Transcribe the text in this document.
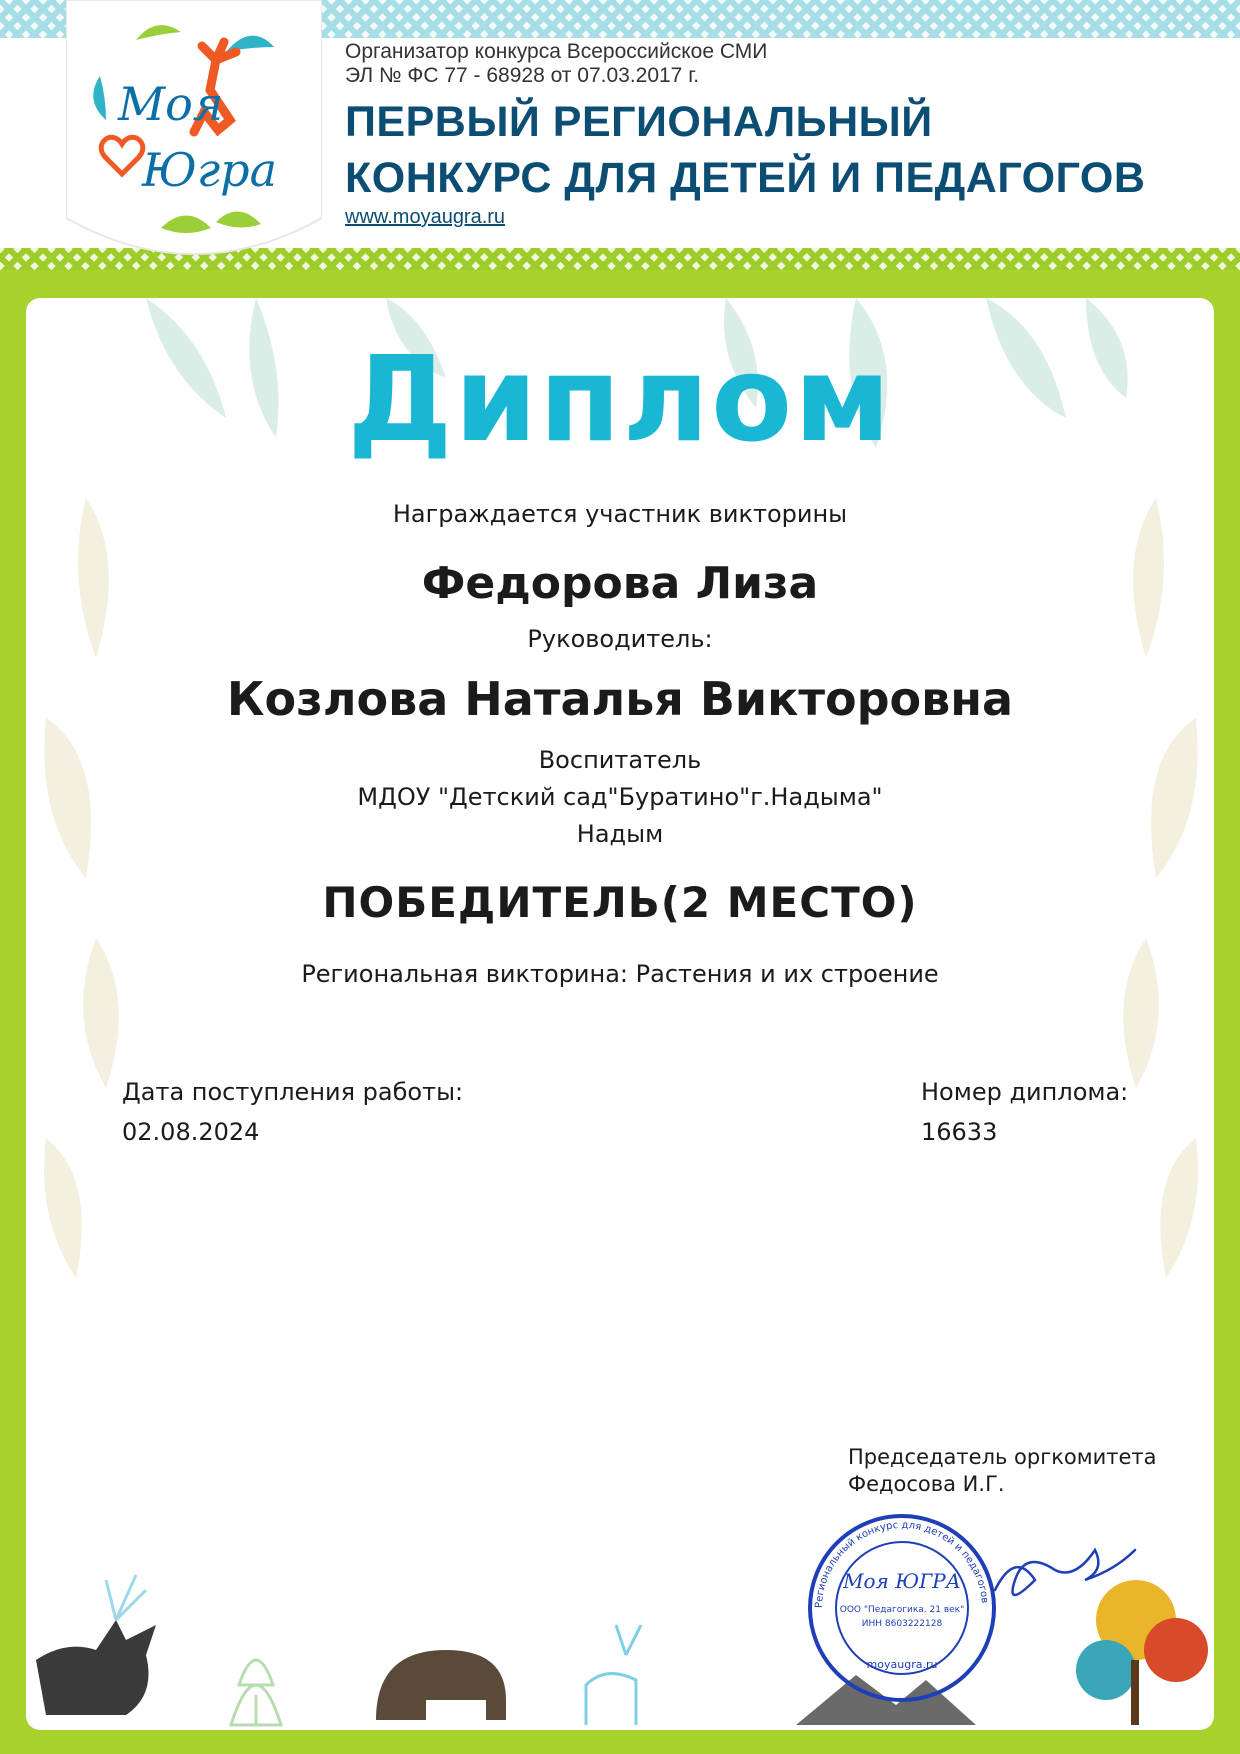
Моя
Югра
Организатор конкурса Всероссийское СМИ
ЭЛ № ФС 77 - 68928 от 07.03.2017 г.
ПЕРВЫЙ РЕГИОНАЛЬНЫЙ
КОНКУРС ДЛЯ ДЕТЕЙ И ПЕДАГОГОВ
www.moyaugra.ru
Диплом
Награждается участник викторины
Федорова Лиза
Руководитель:
Козлова Наталья Викторовна
Воспитатель
МДОУ "Детский сад"Буратино"г.Надыма"
Надым
ПОБЕДИТЕЛЬ(2 МЕСТО)
Региональная викторина: Растения и их строение
Дата поступления работы:
02.08.2024
Номер диплома:
16633
Председатель оргкомитета
Федосова И.Г.
Региональный конкурс для детей и педагогов
Моя ЮГРА
ООО "Педагогика. 21 век"
ИНН 8603222128
moyaugra.ru
